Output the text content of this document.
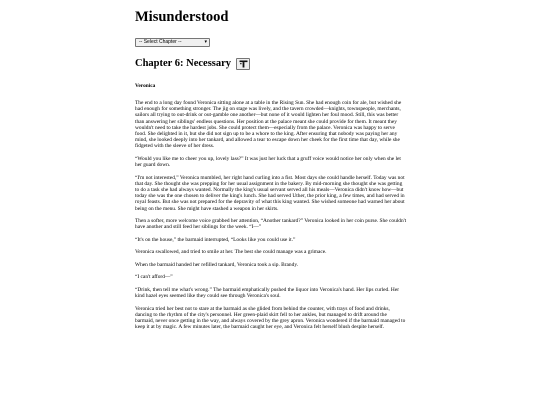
Misunderstood
-- Select Chapter --	▾
Chapter 6: Necessary
Veronica

The end to a long day found Veronica sitting alone at a table in the Rising Sun. She had enough coin for ale, but wished she had enough for something stronger. The jig on stage was lively, and the tavern crowded—knights, townspeople, merchants, sailors all trying to out-drink or out-gamble one another—but none of it would lighten her foul mood. Still, this was better than answering her siblings' endless questions. Her position at the palace meant she could provide for them. It meant they wouldn't need to take the hardest jobs. She could protect them—especially from the palace. Veronica was happy to serve food. She delighted in it, but she did not sign up to be a whore to the king. After ensuring that nobody was paying her any mind, she looked deeply into her tankard, and allowed a tear to escape down her cheek for the first time that day, while she fidgeted with the sleeve of her dress.

“Would you like me to cheer you up, lovely lass?” It was just her luck that a gruff voice would notice her only when she let her guard down.

“I'm not interested,” Veronica mumbled, her right hand curling into a fist. Most days she could handle herself. Today was not that day. She thought she was prepping for her usual assignment in the bakery. By mid-morning she thought she was getting to do a task she had always wanted. Normally the king's usual servant served all his meals—Veronica didn't know how—but today she was the one chosen to deliver the king's lunch. She had served Uther, the prior king, a few times, and had served in royal feasts. But she was not prepared for the depravity of what this king wanted. She wished someone had warned her about being on the menu. She might have stashed a weapon in her skirts.

Then a softer, more welcome voice grabbed her attention, “Another tankard?” Veronica looked in her coin purse. She couldn't have another and still feed her siblings for the week. “I—”

“It's on the house,” the barmaid interrupted, “Looks like you could use it.”

Veronica swallowed, and tried to smile at her. The best she could manage was a grimace.

When the barmaid handed her refilled tankard, Veronica took a sip. Brandy.

“I can't afford—”

“Drink, then tell me what's wrong.” The barmaid emphatically pushed the liquor into Veronica's hand. Her lips curled. Her kind hazel eyes seemed like they could see through Veronica's soul.

Veronica tried her best not to stare at the barmaid as she glided from behind the counter, with trays of food and drinks, dancing to the rhythm of the city's personnel. Her green-plaid skirt fell to her ankles, but managed to drift around the barmaid, never once getting in the way, and always covered by the grey apron. Veronica wondered if the barmaid managed to keep it at by magic. A few minutes later, the barmaid caught her eye, and Veronica felt herself blush despite herself.
